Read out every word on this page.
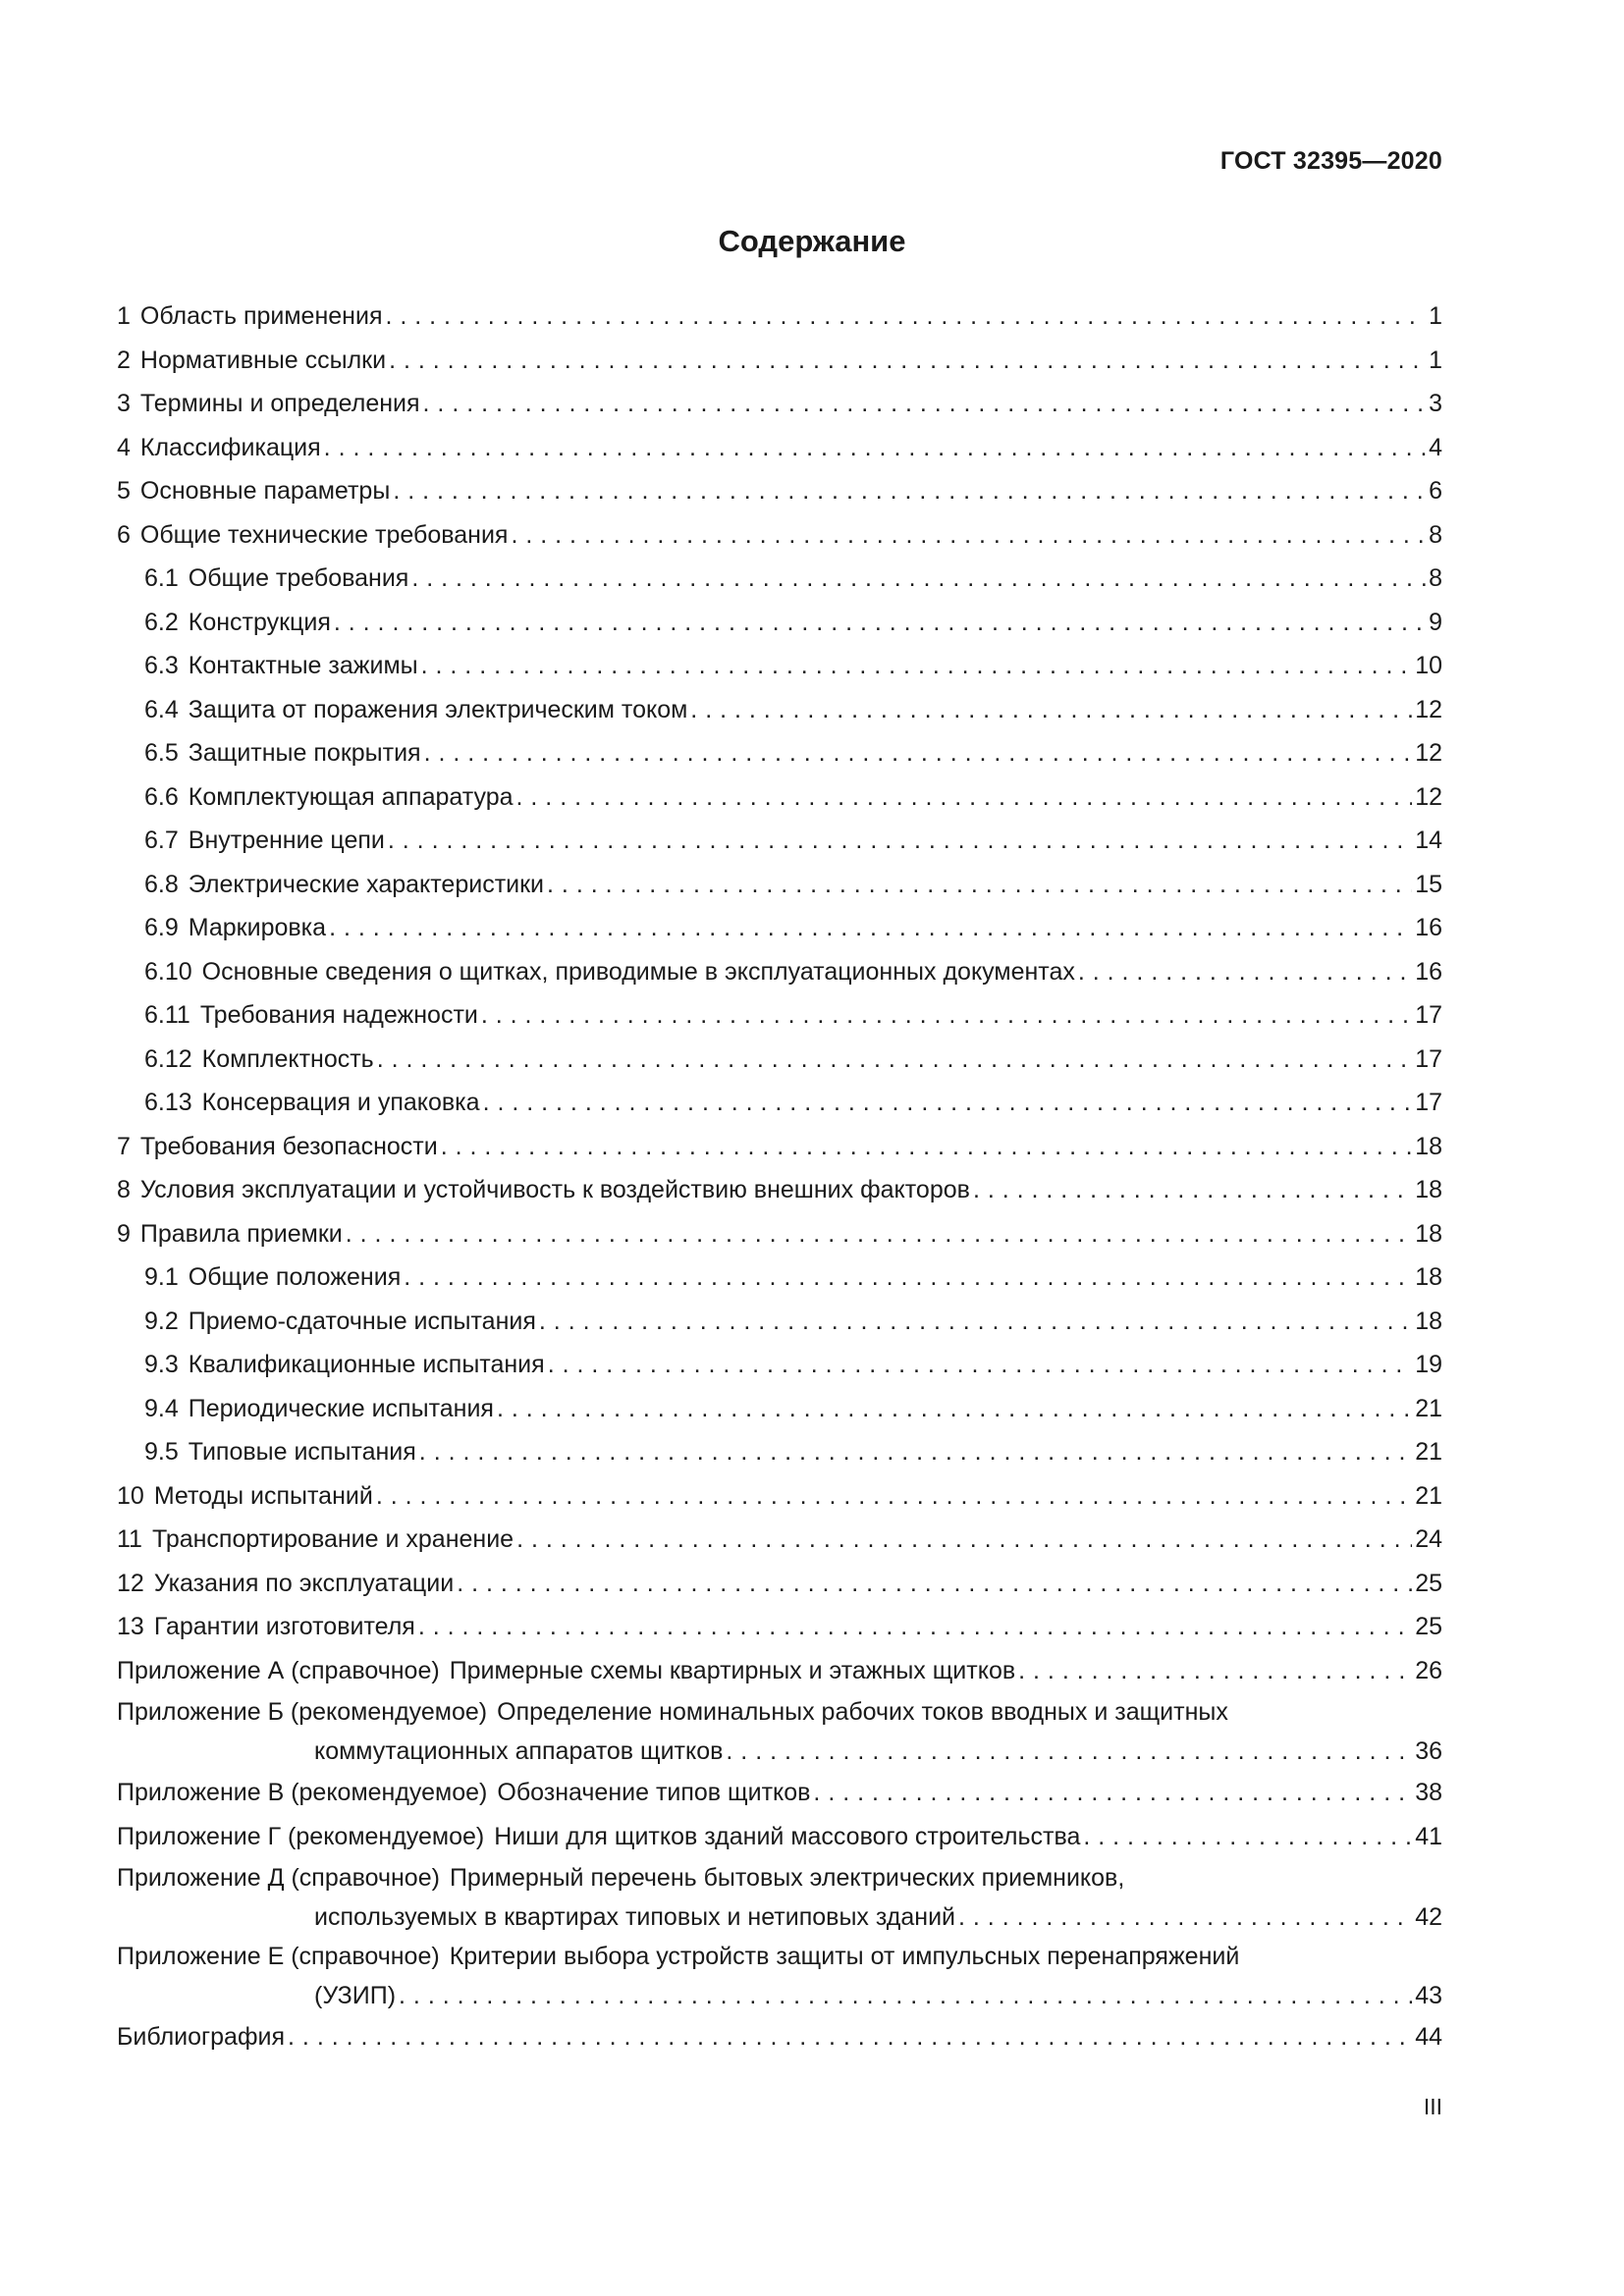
ГОСТ 32395—2020
Содержание
1 Область применения . . .	1
2 Нормативные ссылки . . .	1
3 Термины и определения . . .	3
4 Классификация . . .	4
5 Основные параметры . . .	6
6 Общие технические требования . . .	8
6.1 Общие требования . . .	8
6.2 Конструкция . . .	9
6.3 Контактные зажимы . . .	10
6.4 Защита от поражения электрическим током . . .	12
6.5 Защитные покрытия . . .	12
6.6 Комплектующая аппаратура . . .	12
6.7 Внутренние цепи . . .	14
6.8 Электрические характеристики . . .	15
6.9 Маркировка . . .	16
6.10 Основные сведения о щитках, приводимые в эксплуатационных документах . . .	16
6.11 Требования надежности . . .	17
6.12 Комплектность . . .	17
6.13 Консервация и упаковка . . .	17
7 Требования безопасности . . .	18
8 Условия эксплуатации и устойчивость к воздействию внешних факторов . . .	18
9 Правила приемки . . .	18
9.1 Общие положения . . .	18
9.2 Приемо-сдаточные испытания . . .	18
9.3 Квалификационные испытания . . .	19
9.4 Периодические испытания . . .	21
9.5 Типовые испытания . . .	21
10 Методы испытаний . . .	21
11 Транспортирование и хранение . . .	24
12 Указания по эксплуатации . . .	25
13 Гарантии изготовителя . . .	25
Приложение А (справочное) Примерные схемы квартирных и этажных щитков . . .	26
Приложение Б (рекомендуемое) Определение номинальных рабочих токов вводных и защитных
коммутационных аппаратов щитков . . .	36
Приложение В (рекомендуемое) Обозначение типов щитков . . .	38
Приложение Г (рекомендуемое) Ниши для щитков зданий массового строительства . . .	41
Приложение Д (справочное) Примерный перечень бытовых электрических приемников,
используемых в квартирах типовых и нетиповых зданий . . .	42
Приложение Е (справочное) Критерии выбора устройств защиты от импульсных перенапряжений
(УЗИП) . . .	43
Библиография . . .	44
III
